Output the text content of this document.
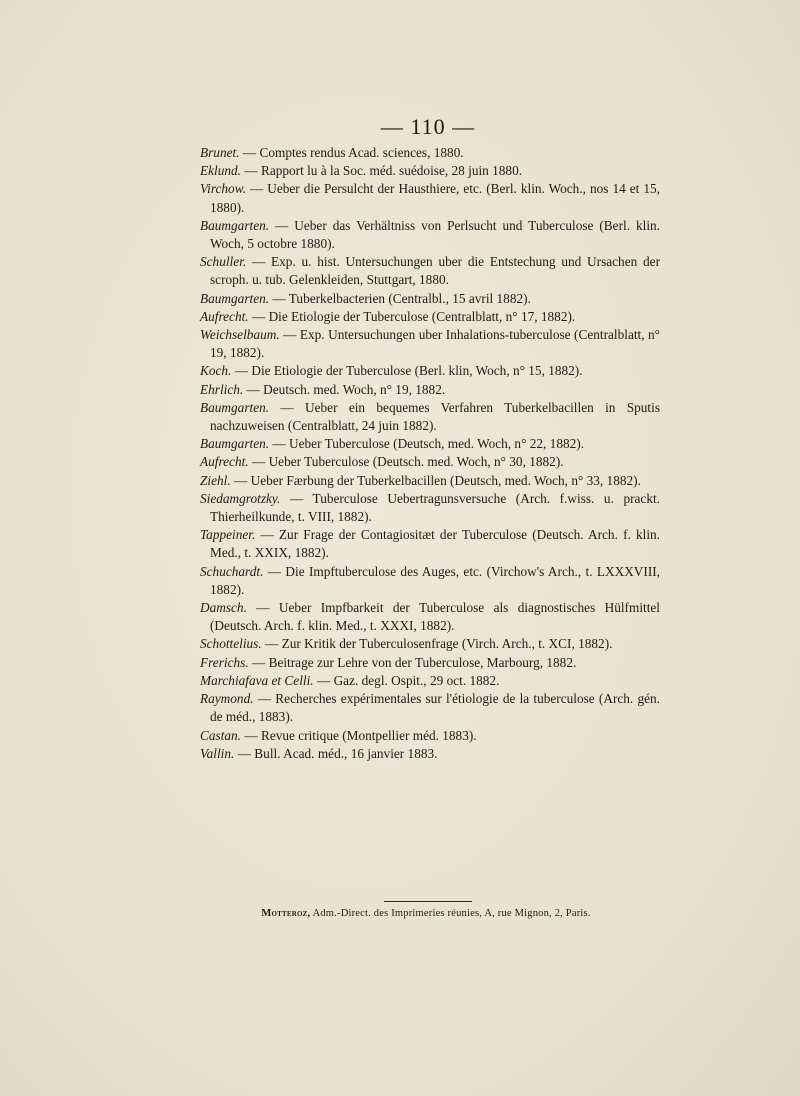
— 110 —
Brunet. — Comptes rendus Acad. sciences, 1880.
Eklund. — Rapport lu à la Soc. méd. suédoise, 28 juin 1880.
Virchow. — Ueber die Persulcht der Hausthiere, etc. (Berl. klin. Woch., nos 14 et 15, 1880).
Baumgarten. — Ueber das Verhältniss von Perlsucht und Tuberculose (Berl. klin. Woch, 5 octobre 1880).
Schuller. — Exp. u. hist. Untersuchungen uber die Entstechung und Ursachen der scroph. u. tub. Gelenkleiden, Stuttgart, 1880.
Baumgarten. — Tuberkelbacterien (Centralbl., 15 avril 1882).
Aufrecht. — Die Etiologie der Tuberculose (Centralblatt, n° 17, 1882).
Weichselbaum. — Exp. Untersuchungen uber Inhalations-tuberculose (Centralblatt, n° 19, 1882).
Koch. — Die Etiologie der Tuberculose (Berl. klin, Woch, n° 15, 1882).
Ehrlich. — Deutsch. med. Woch, n° 19, 1882.
Baumgarten. — Ueber ein bequemes Verfahren Tuberkelbacillen in Sputis nachzuweisen (Centralblatt, 24 juin 1882).
Baumgarten. — Ueber Tuberculose (Deutsch, med. Woch, n° 22, 1882).
Aufrecht. — Ueber Tuberculose (Deutsch. med. Woch, n° 30, 1882).
Ziehl. — Ueber Færbung der Tuberkelbacillen (Deutsch, med. Woch, n° 33, 1882).
Siedamgrotzky. — Tuberculose Uebertragunsversuche (Arch. f.wiss. u. prackt. Thierheilkunde, t. VIII, 1882).
Tappeiner. — Zur Frage der Contagiositæt der Tuberculose (Deutsch. Arch. f. klin. Med., t. XXIX, 1882).
Schuchardt. — Die Impftuberculose des Auges, etc. (Virchow's Arch., t. LXXXVIII, 1882).
Damsch. — Ueber Impfbarkeit der Tuberculose als diagnostisches Hülfmittel (Deutsch. Arch. f. klin. Med., t. XXXI, 1882).
Schottelius. — Zur Kritik der Tuberculosenfrage (Virch. Arch., t. XCI, 1882).
Frerichs. — Beitrage zur Lehre von der Tuberculose, Marbourg, 1882.
Marchiafava et Celli. — Gaz. degl. Ospit., 29 oct. 1882.
Raymond. — Recherches expérimentales sur l'étiologie de la tuberculose (Arch. gén. de méd., 1883).
Castan. — Revue critique (Montpellier méd. 1883).
Vallin. — Bull. Acad. méd., 16 janvier 1883.
Motteroz, Adm.-Direct. des Imprimeries réunies, A, rue Mignon, 2, Paris.
